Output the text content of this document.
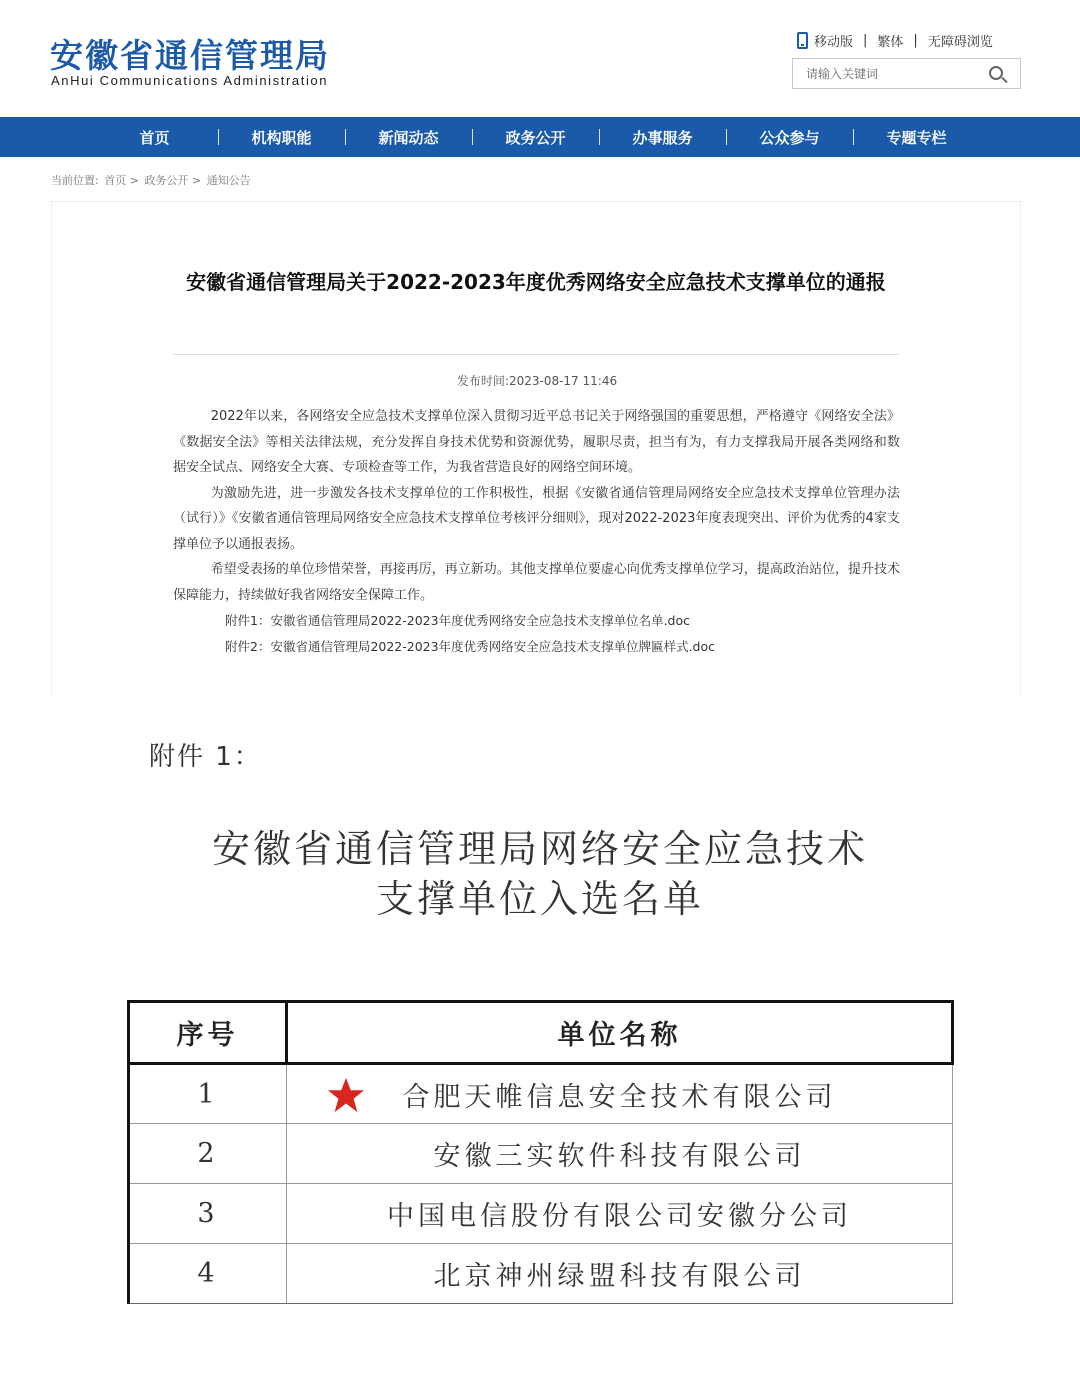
安徽省通信管理局
AnHui Communications Administration
移动版 | 繁体 | 无障碍浏览
请输入关键词
首页	机构职能	新闻动态	政务公开	办事服务	公众参与	专题专栏
当前位置: 首页 > 政务公开 > 通知公告
安徽省通信管理局关于2022-2023年度优秀网络安全应急技术支撑单位的通报
发布时间:2023-08-17 11:46

2022年以来，各网络安全应急技术支撑单位深入贯彻习近平总书记关于网络强国的重要思想，严格遵守《网络安全法》《数据安全法》等相关法律法规，充分发挥自身技术优势和资源优势，履职尽责，担当有为，有力支撑我局开展各类网络和数据安全试点、网络安全大赛、专项检查等工作，为我省营造良好的网络空间环境。

为激励先进，进一步激发各技术支撑单位的工作积极性，根据《安徽省通信管理局网络安全应急技术支撑单位管理办法（试行）》《安徽省通信管理局网络安全应急技术支撑单位考核评分细则》，现对2022-2023年度表现突出、评价为优秀的4家支撑单位予以通报表扬。

希望受表扬的单位珍惜荣誉，再接再厉，再立新功。其他支撑单位要虚心向优秀支撑单位学习，提高政治站位，提升技术保障能力，持续做好我省网络安全保障工作。

附件1：安徽省通信管理局2022-2023年度优秀网络安全应急技术支撑单位名单.doc
附件2：安徽省通信管理局2022-2023年度优秀网络安全应急技术支撑单位牌匾样式.doc
附件 1：
安徽省通信管理局网络安全应急技术
支撑单位入选名单
序号	单位名称
1	合肥天帷信息安全技术有限公司
2	安徽三实软件科技有限公司
3	中国电信股份有限公司安徽分公司
4	北京神州绿盟科技有限公司
